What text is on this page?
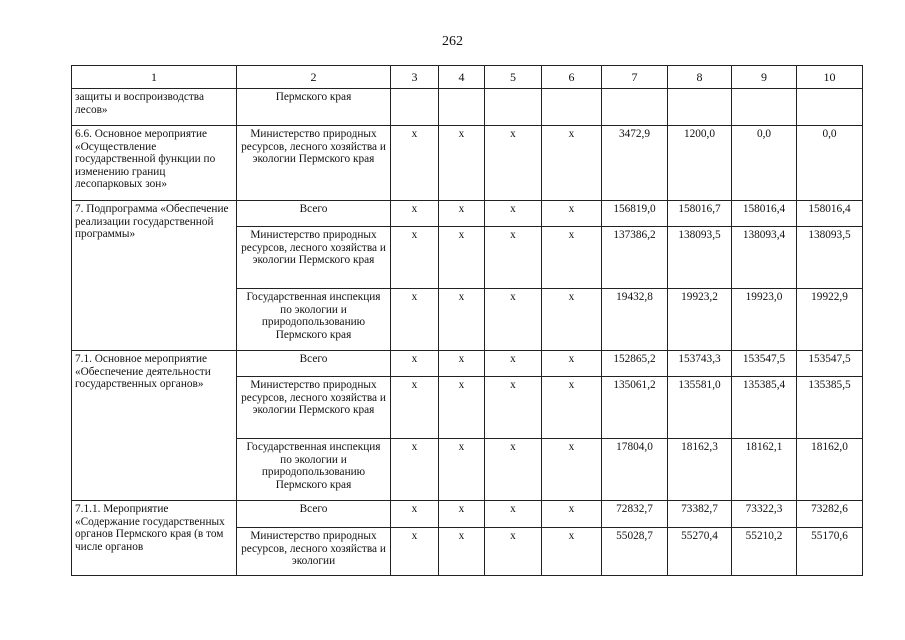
262
1	2	3	4	5	6	7	8	9	10
защиты и воспроизводства лесов»	Пермского края								
6.6. Основное мероприятие «Осуществление государственной функции по изменению границ лесопарковых зон»	Министерство природных ресурсов, лесного хозяйства и экологии Пермского края	x	x	x	x	3472,9	1200,0	0,0	0,0
7. Подпрограмма «Обеспечение реализации государственной программы»	Всего	x	x	x	x	156819,0	158016,7	158016,4	158016,4
	Министерство природных ресурсов, лесного хозяйства и экологии Пермского края	x	x	x	x	137386,2	138093,5	138093,4	138093,5
	Государственная инспекция по экологии и природопользованию Пермского края	x	x	x	x	19432,8	19923,2	19923,0	19922,9
7.1. Основное мероприятие «Обеспечение деятельности государственных органов»	Всего	x	x	x	x	152865,2	153743,3	153547,5	153547,5
	Министерство природных ресурсов, лесного хозяйства и экологии Пермского края	x	x	x	x	135061,2	135581,0	135385,4	135385,5
	Государственная инспекция по экологии и природопользованию Пермского края	x	x	x	x	17804,0	18162,3	18162,1	18162,0
7.1.1. Мероприятие «Содержание государственных органов Пермского края (в том числе органов	Всего	x	x	x	x	72832,7	73382,7	73322,3	73282,6
	Министерство природных ресурсов, лесного хозяйства и экологии	x	x	x	x	55028,7	55270,4	55210,2	55170,6
